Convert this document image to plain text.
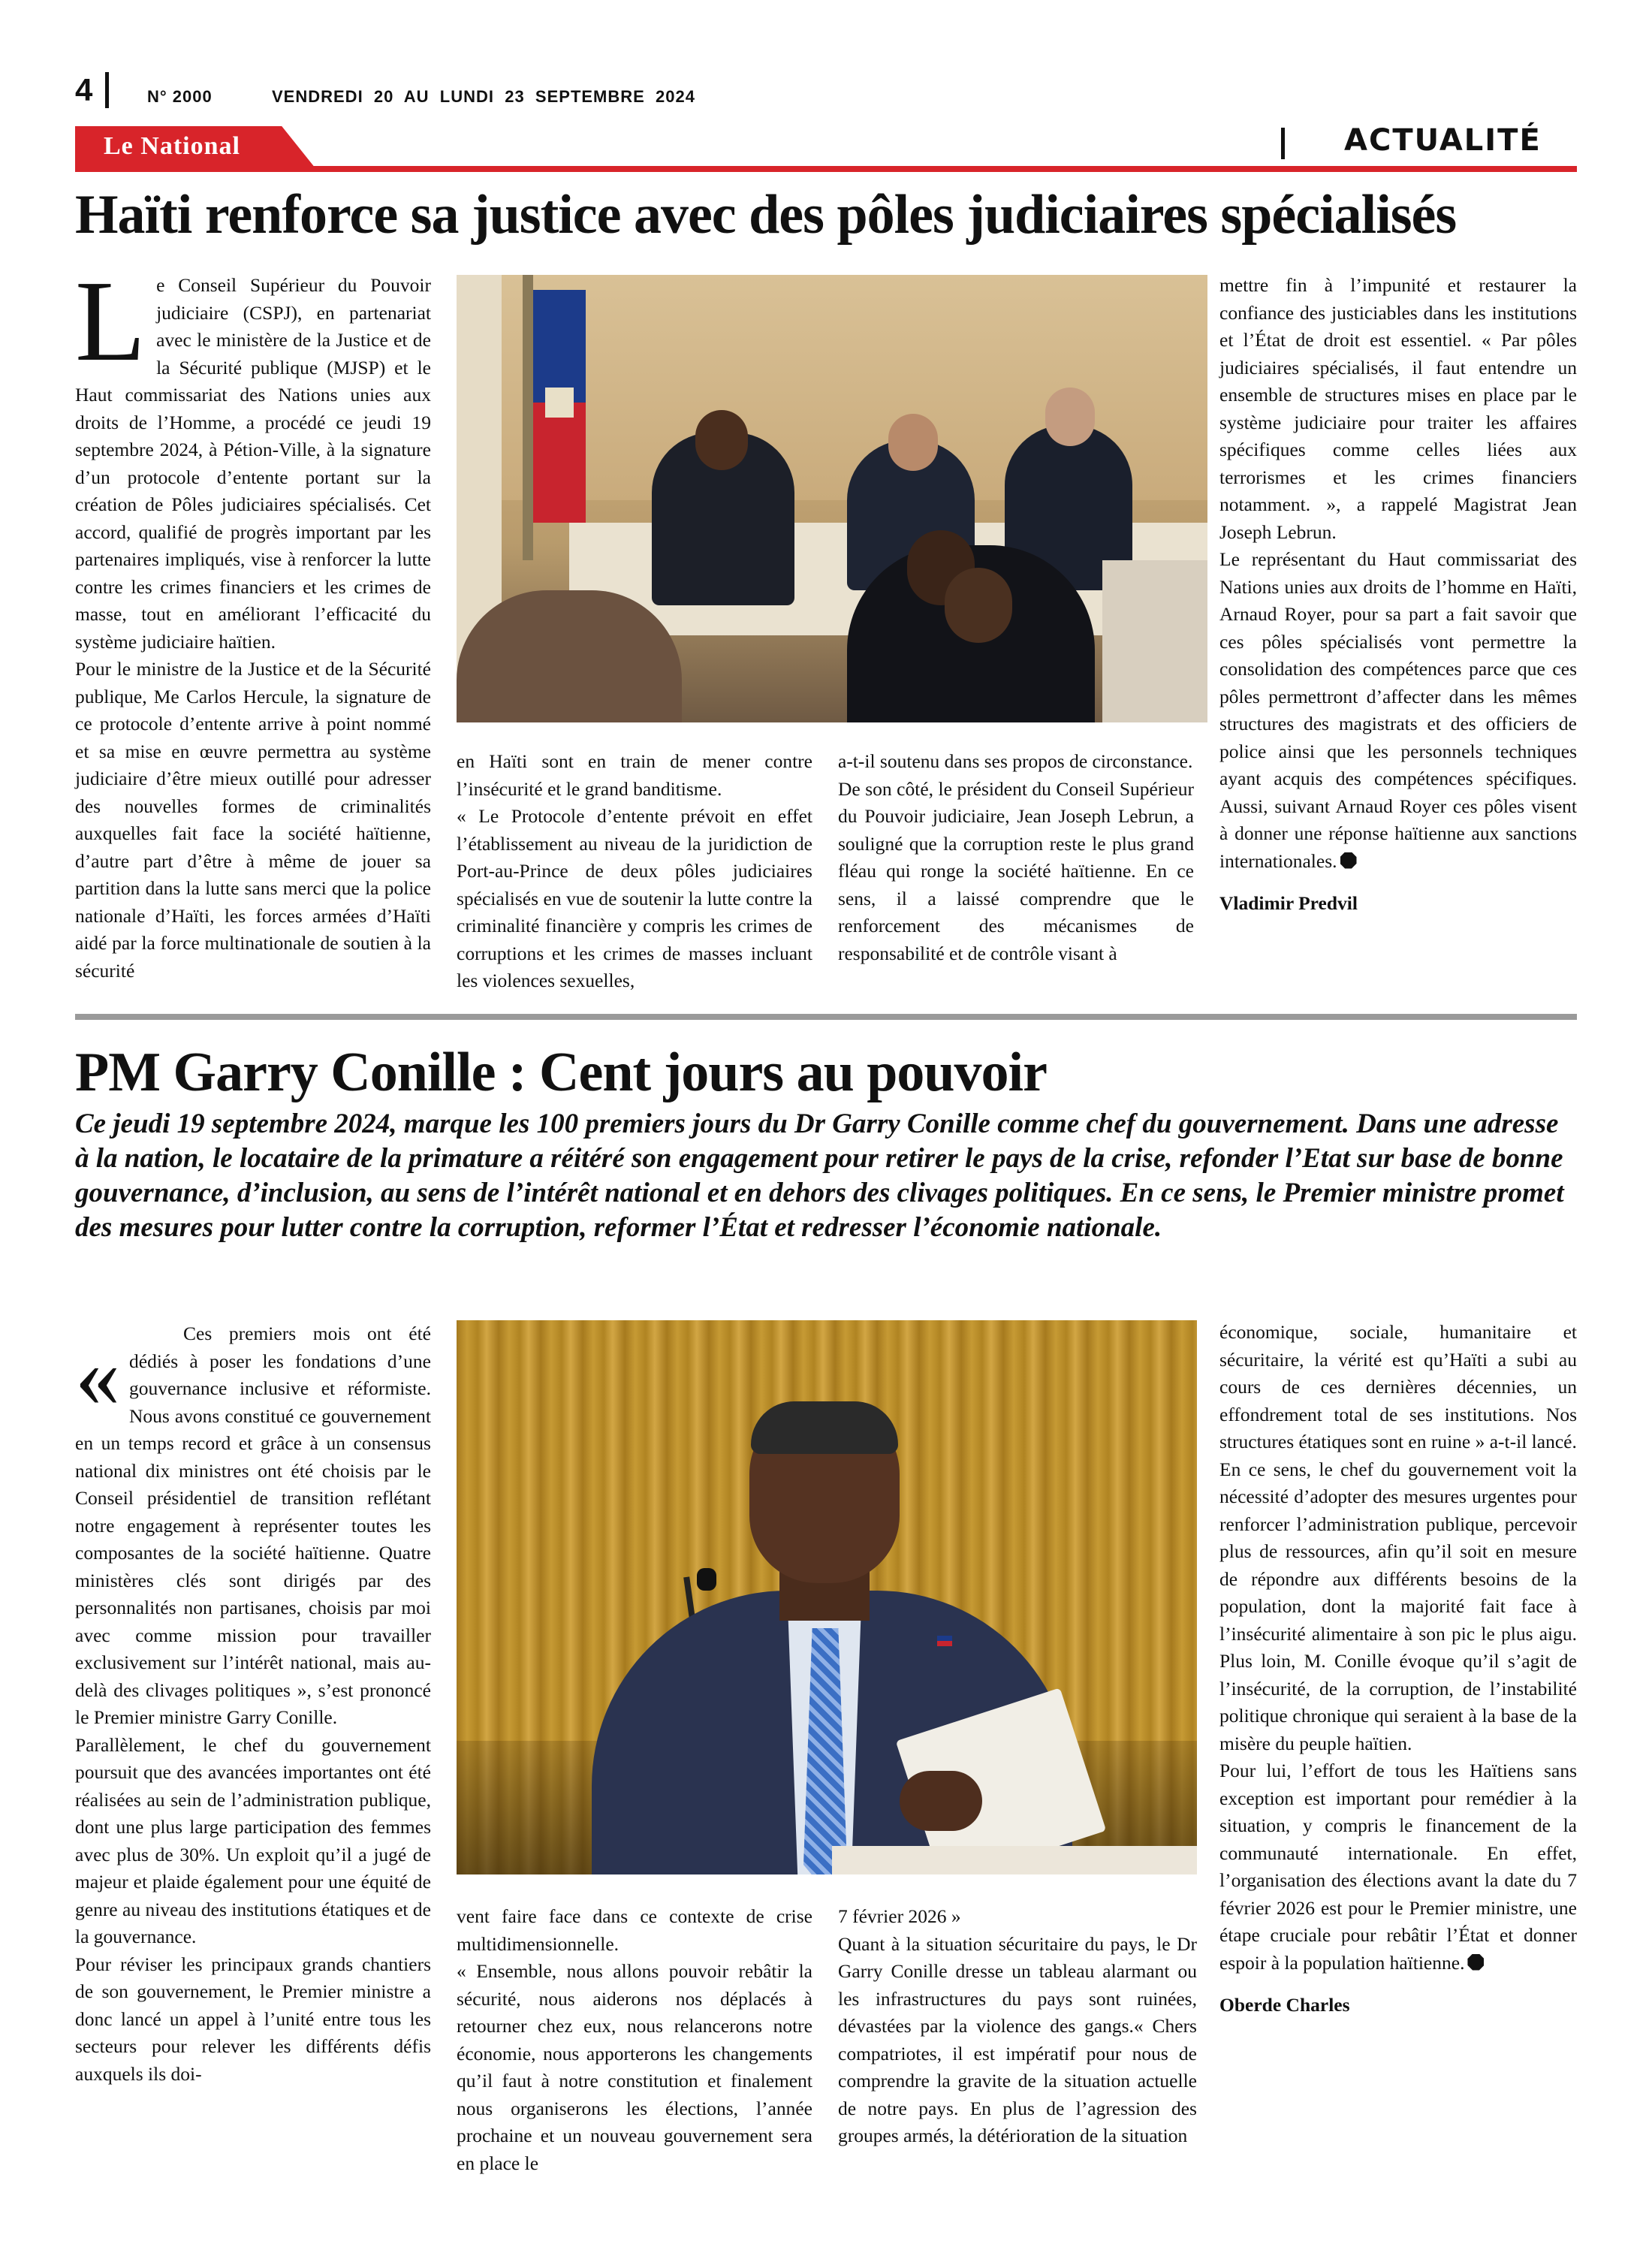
4	N° 2000	VENDREDI  20  AU  LUNDI  23  SEPTEMBRE  2024
Le National	ACTUALITÉ
Haïti renforce sa justice avec des pôles judiciaires spécialisés
L e Conseil Supérieur du Pouvoir judiciaire (CSPJ), en partenariat avec le ministère de la Justice et de la Sécurité publique (MJSP) et le Haut commissariat des Nations unies aux droits de l’Homme, a procédé ce jeudi 19 septembre 2024, à Pétion-Ville, à la signature d’un protocole d’entente portant sur la création de Pôles judiciaires spécialisés. Cet accord, qualifié de progrès important par les partenaires impliqués, vise à renforcer la lutte contre les crimes financiers et les crimes de masse, tout en améliorant l’efficacité du système judiciaire haïtien.

Pour le ministre de la Justice et de la Sécurité publique, Me Carlos Hercule, la signature de ce protocole d’entente arrive à point nommé et sa mise en œuvre permettra au système judiciaire d’être mieux outillé pour adresser des nouvelles formes de criminalités auxquelles fait face la société haïtienne, d’autre part d’être à même de jouer sa partition dans la lutte sans merci que la police nationale d’Haïti, les forces armées d’Haïti aidé par la force multinationale de soutien à la sécurité

en Haïti sont en train de mener contre l’insécurité et le grand banditisme.

« Le Protocole d’entente prévoit en effet l’établissement au niveau de la juridiction de Port-au-Prince de deux pôles judiciaires spécialisés en vue de soutenir la lutte contre la criminalité financière y compris les crimes de corruptions et les crimes de masses incluant les violences sexuelles,

a-t-il soutenu dans ses propos de circonstance.

De son côté, le président du Conseil Supérieur du Pouvoir judiciaire, Jean Joseph Lebrun, a souligné que la corruption reste le plus grand fléau qui ronge la société haïtienne. En ce sens, il a laissé comprendre que le renforcement des mécanismes de responsabilité et de contrôle visant à

mettre fin à l’impunité et restaurer la confiance des justiciables dans les institutions et l’État de droit est essentiel. « Par pôles judiciaires spécialisés, il faut entendre un ensemble de structures mises en place par le système judiciaire pour traiter les affaires spécifiques comme celles liées aux terrorismes et les crimes financiers notamment. », a rappelé Magistrat Jean Joseph Lebrun.

Le représentant du Haut commissariat des Nations unies aux droits de l’homme en Haïti, Arnaud Royer, pour sa part a fait savoir que ces pôles spécialisés vont permettre la consolidation des compétences parce que ces pôles permettront d’affecter dans les mêmes structures des magistrats et des officiers de police ainsi que les personnels techniques ayant acquis des compétences spécifiques. Aussi, suivant Arnaud Royer ces pôles visent à donner une réponse haïtienne aux sanctions internationales.

Vladimir Predvil

PM Garry Conille : Cent jours au pouvoir
Ce jeudi 19 septembre 2024, marque les 100 premiers jours du Dr Garry Conille comme chef du gouvernement. Dans une adresse à la nation, le locataire de la primature a réitéré son engagement pour retirer le pays de la crise, refonder l’Etat sur base de bonne gouvernance, d’inclusion, au sens de l’intérêt national et en dehors des clivages politiques. En ce sens, le Premier ministre promet des mesures pour lutter contre la corruption, reformer l’État et redresser l’économie nationale.
«	Ces premiers mois ont été dédiés à poser les fondations d’une gouvernance inclusive et réformiste. Nous avons constitué ce gouvernement en un temps record et grâce à un consensus national dix ministres ont été choisis par le Conseil présidentiel de transition reflétant notre engagement à représenter toutes les composantes de la société haïtienne. Quatre ministères clés sont dirigés par des personnalités non partisanes, choisis par moi avec comme mission pour travailler exclusivement sur l’intérêt national, mais au-delà des clivages politiques », s’est prononcé le Premier ministre Garry Conille.

Parallèlement, le chef du gouvernement poursuit que des avancées importantes ont été réalisées au sein de l’administration publique, dont une plus large participation des femmes avec plus de 30%. Un exploit qu’il a jugé de majeur et plaide également pour une équité de genre au niveau des institutions étatiques et de la gouvernance.

Pour réviser les principaux grands chantiers de son gouvernement, le Premier ministre a donc lancé un appel à l’unité entre tous les secteurs pour relever les différents défis auxquels ils doi-

vent faire face dans ce contexte de crise multidimensionnelle.

« Ensemble, nous allons pouvoir rebâtir la sécurité, nous aiderons nos déplacés à retourner chez eux, nous relancerons notre économie, nous apporterons les changements qu’il faut à notre constitution et finalement nous organiserons les élections, l’année prochaine et un nouveau gouvernement sera en place le

7 février 2026 »

Quant à la situation sécuritaire du pays, le Dr Garry Conille dresse un tableau alarmant ou les infrastructures du pays sont ruinées, dévastées par la violence des gangs.« Chers compatriotes, il est impératif pour nous de comprendre la gravite de la situation actuelle de notre pays. En plus de l’agression des groupes armés, la détérioration de la situation

économique, sociale, humanitaire et sécuritaire, la vérité est qu’Haïti a subi au cours de ces dernières décennies, un effondrement total de ses institutions. Nos structures étatiques sont en ruine » a-t-il lancé.

En ce sens, le chef du gouvernement voit la nécessité d’adopter des mesures urgentes pour renforcer l’administration publique, percevoir plus de ressources, afin qu’il soit en mesure de répondre aux différents besoins de la population, dont la majorité fait face à l’insécurité alimentaire à son pic le plus aigu. Plus loin, M. Conille évoque qu’il s’agit de l’insécurité, de la corruption, de l’instabilité politique chronique qui seraient à la base de la misère du peuple haïtien.

Pour lui, l’effort de tous les Haïtiens sans exception est important pour remédier à la situation, y compris le financement de la communauté internationale. En effet, l’organisation des élections avant la date du 7 février 2026 est pour le Premier ministre, une étape cruciale pour rebâtir l’État et donner espoir à la population haïtienne.

Oberde Charles
